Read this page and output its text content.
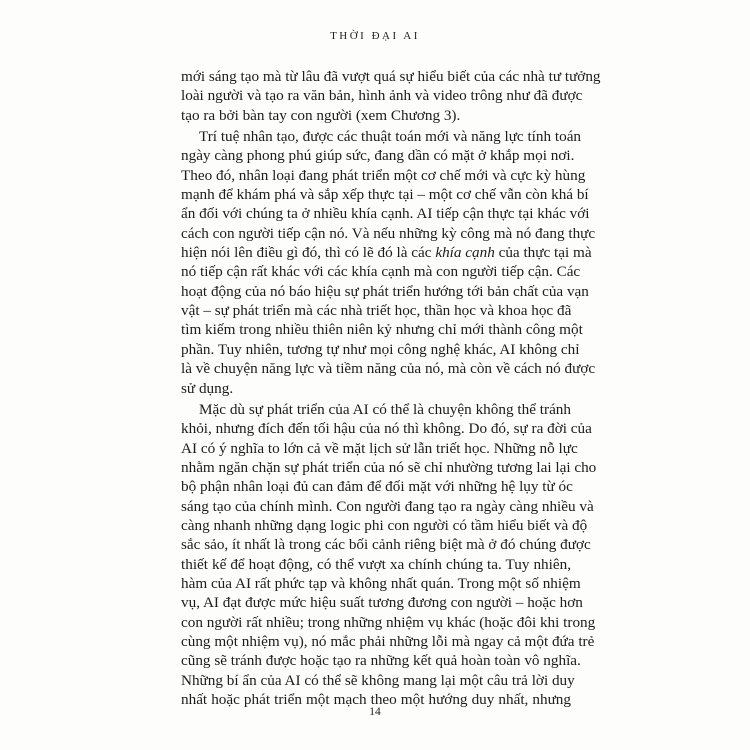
THỜI ĐẠI AI

mới sáng tạo mà từ lâu đã vượt quá sự hiểu biết của các nhà tư tưởng
loài người và tạo ra văn bản, hình ảnh và video trông như đã được
tạo ra bởi bàn tay con người (xem Chương 3).

Trí tuệ nhân tạo, được các thuật toán mới và năng lực tính toán
ngày càng phong phú giúp sức, đang dần có mặt ở khắp mọi nơi.
Theo đó, nhân loại đang phát triển một cơ chế mới và cực kỳ hùng
mạnh để khám phá và sắp xếp thực tại – một cơ chế vẫn còn khá bí
ẩn đối với chúng ta ở nhiều khía cạnh. AI tiếp cận thực tại khác với
cách con người tiếp cận nó. Và nếu những kỳ công mà nó đang thực
hiện nói lên điều gì đó, thì có lẽ đó là các khía cạnh của thực tại mà
nó tiếp cận rất khác với các khía cạnh mà con người tiếp cận. Các
hoạt động của nó báo hiệu sự phát triển hướng tới bản chất của vạn
vật – sự phát triển mà các nhà triết học, thần học và khoa học đã
tìm kiếm trong nhiều thiên niên kỷ nhưng chỉ mới thành công một
phần. Tuy nhiên, tương tự như mọi công nghệ khác, AI không chỉ
là về chuyện năng lực và tiềm năng của nó, mà còn về cách nó được
sử dụng.

Mặc dù sự phát triển của AI có thể là chuyện không thể tránh
khỏi, nhưng đích đến tối hậu của nó thì không. Do đó, sự ra đời của
AI có ý nghĩa to lớn cả về mặt lịch sử lẫn triết học. Những nỗ lực
nhằm ngăn chặn sự phát triển của nó sẽ chỉ nhường tương lai lại cho
bộ phận nhân loại đủ can đảm để đối mặt với những hệ lụy từ óc
sáng tạo của chính mình. Con người đang tạo ra ngày càng nhiều và
càng nhanh những dạng logic phi con người có tầm hiểu biết và độ
sắc sảo, ít nhất là trong các bối cảnh riêng biệt mà ở đó chúng được
thiết kế để hoạt động, có thể vượt xa chính chúng ta. Tuy nhiên,
hàm của AI rất phức tạp và không nhất quán. Trong một số nhiệm
vụ, AI đạt được mức hiệu suất tương đương con người – hoặc hơn
con người rất nhiều; trong những nhiệm vụ khác (hoặc đôi khi trong
cùng một nhiệm vụ), nó mắc phải những lỗi mà ngay cả một đứa trẻ
cũng sẽ tránh được hoặc tạo ra những kết quả hoàn toàn vô nghĩa.
Những bí ẩn của AI có thể sẽ không mang lại một câu trả lời duy
nhất hoặc phát triển một mạch theo một hướng duy nhất, nhưng

14
